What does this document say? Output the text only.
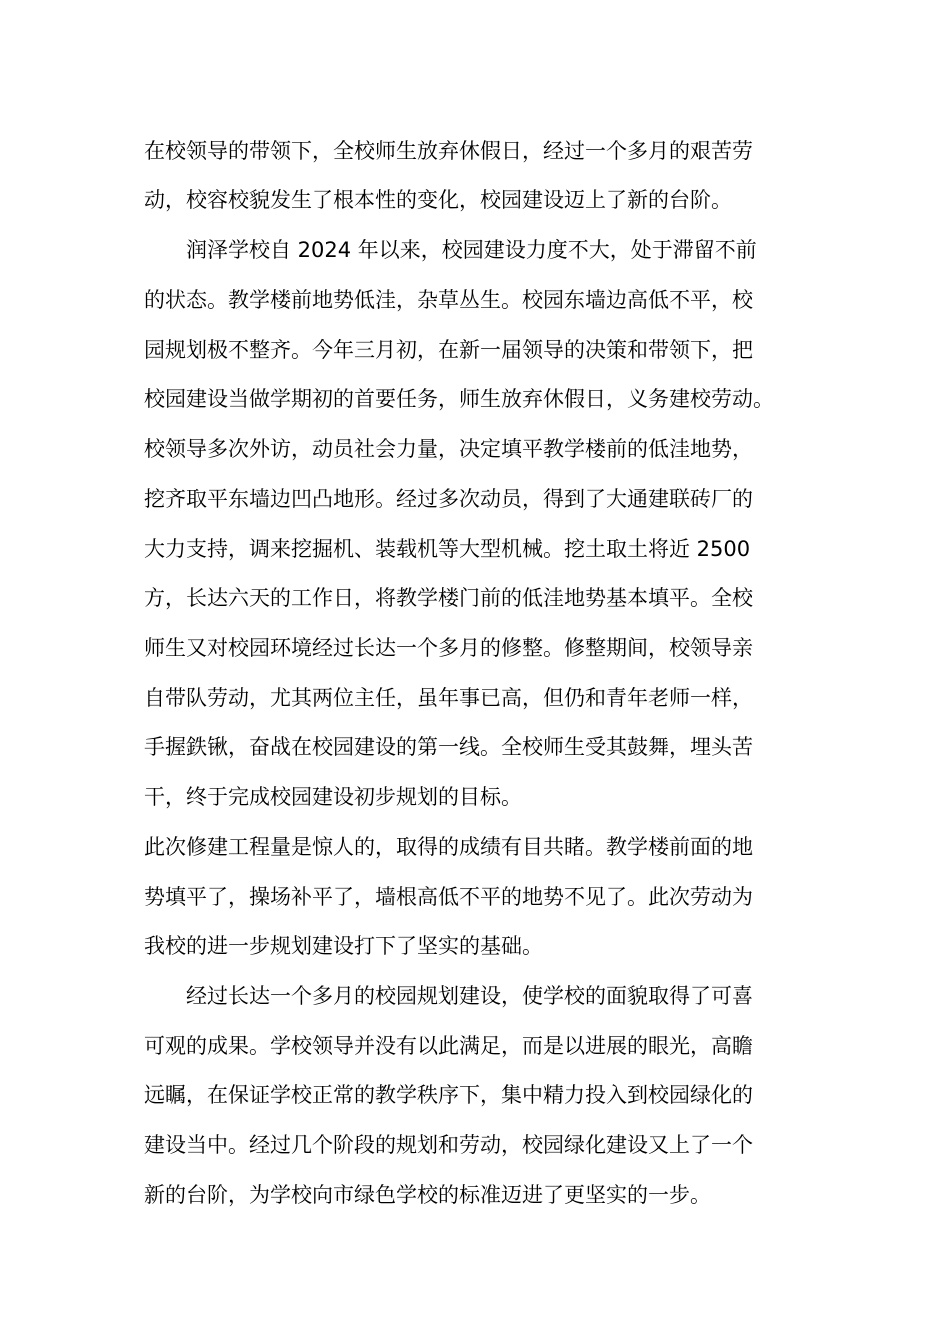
在校领导的带领下，全校师生放弃休假日，经过一个多月的艰苦劳
动，校容校貌发生了根本性的变化，校园建设迈上了新的台阶。
润泽学校自 2024 年以来，校园建设力度不大，处于滞留不前
的状态。教学楼前地势低洼，杂草丛生。校园东墙边高低不平，校
园规划极不整齐。今年三月初，在新一届领导的决策和带领下，把
校园建设当做学期初的首要任务，师生放弃休假日，义务建校劳动。
校领导多次外访，动员社会力量，决定填平教学楼前的低洼地势，
挖齐取平东墙边凹凸地形。经过多次动员，得到了大通建联砖厂的
大力支持，调来挖掘机、装载机等大型机械。挖土取土将近 2500
方，长达六天的工作日，将教学楼门前的低洼地势基本填平。全校
师生又对校园环境经过长达一个多月的修整。修整期间，校领导亲
自带队劳动，尤其两位主任，虽年事已高，但仍和青年老师一样，
手握鉄锹，奋战在校园建设的第一线。全校师生受其鼓舞，埋头苦
干，终于完成校园建设初步规划的目标。
此次修建工程量是惊人的，取得的成绩有目共睹。教学楼前面的地
势填平了，操场补平了，墙根高低不平的地势不见了。此次劳动为
我校的进一步规划建设打下了坚实的基础。
经过长达一个多月的校园规划建设，使学校的面貌取得了可喜
可观的成果。学校领导并没有以此满足，而是以进展的眼光，高瞻
远瞩，在保证学校正常的教学秩序下，集中精力投入到校园绿化的
建设当中。经过几个阶段的规划和劳动，校园绿化建设又上了一个
新的台阶，为学校向市绿色学校的标准迈进了更坚实的一步。
